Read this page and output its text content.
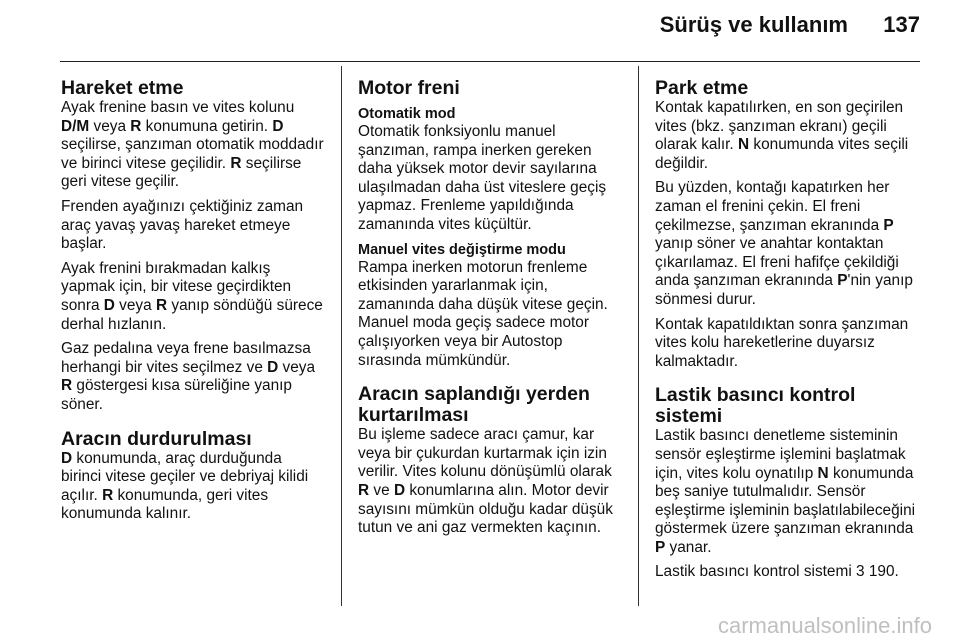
Sürüş ve kullanım 137
Hareket etme

Ayak frenine basın ve vites kolunu D/M veya R konumuna getirin. D seçilirse, şanzıman otomatik moddadır ve birinci vitese geçilidir. R seçilirse geri vitese geçilir.

Frenden ayağınızı çektiğiniz zaman araç yavaş yavaş hareket etmeye başlar.

Ayak frenini bırakmadan kalkış yapmak için, bir vitese geçirdikten sonra D veya R yanıp söndüğü sürece derhal hızlanın.

Gaz pedalına veya frene basılmazsa herhangi bir vites seçilmez ve D veya R göstergesi kısa süreliğine yanıp söner.

Aracın durdurulması

D konumunda, araç durduğunda birinci vitese geçiler ve debriyaj kilidi açılır. R konumunda, geri vites konumunda kalınır.

Motor freni
Otomatik mod

Otomatik fonksiyonlu manuel şanzıman, rampa inerken gereken daha yüksek motor devir sayılarına ulaşılmadan daha üst viteslere geçiş yapmaz. Frenleme yapıldığında zamanında vites küçültür.

Manuel vites değiştirme modu

Rampa inerken motorun frenleme etkisinden yararlanmak için, zamanında daha düşük vitese geçin. Manuel moda geçiş sadece motor çalışıyorken veya bir Autostop sırasında mümkündür.

Aracın saplandığı yerden kurtarılması

Bu işleme sadece aracı çamur, kar veya bir çukurdan kurtarmak için izin verilir. Vites kolunu dönüşümlü olarak R ve D konumlarına alın. Motor devir sayısını mümkün olduğu kadar düşük tutun ve ani gaz vermekten kaçının.

Park etme

Kontak kapatılırken, en son geçirilen vites (bkz. şanzıman ekranı) geçili olarak kalır. N konumunda vites seçili değildir.

Bu yüzden, kontağı kapatırken her zaman el frenini çekin. El freni çekilmezse, şanzıman ekranında P yanıp söner ve anahtar kontaktan çıkarılamaz. El freni hafifçe çekildiği anda şanzıman ekranında P'nin yanıp sönmesi durur.

Kontak kapatıldıktan sonra şanzıman vites kolu hareketlerine duyarsız kalmaktadır.

Lastik basıncı kontrol sistemi

Lastik basıncı denetleme sisteminin sensör eşleştirme işlemini başlatmak için, vites kolu oynatılıp N konumunda beş saniye tutulmalıdır. Sensör eşleştirme işleminin başlatılabileceğini göstermek üzere şanzıman ekranında P yanar.

Lastik basıncı kontrol sistemi 3 190.

carmanualsonline.info
